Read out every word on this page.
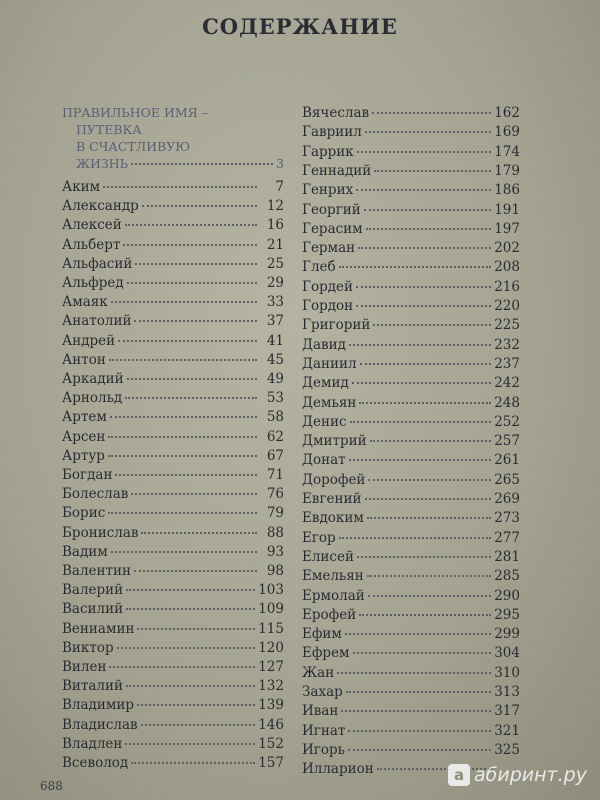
СОДЕРЖАНИЕ
ПРАВИЛЬНОЕ ИМЯ –
ПУТЕВКА
В СЧАСТЛИВУЮ
ЖИЗНЬ	3
Аким	7
Александр	12
Алексей	16
Альберт	21
Альфасий	25
Альфред	29
Амаяк	33
Анатолий	37
Андрей	41
Антон	45
Аркадий	49
Арнольд	53
Артем	58
Арсен	62
Артур	67
Богдан	71
Болеслав	76
Борис	79
Бронислав	88
Вадим	93
Валентин	98
Валерий	103
Василий	109
Вениамин	115
Виктор	120
Вилен	127
Виталий	132
Владимир	139
Владислав	146
Владлен	152
Всеволод	157
Вячеслав	162
Гавриил	169
Гаррик	174
Геннадий	179
Генрих	186
Георгий	191
Герасим	197
Герман	202
Глеб	208
Гордей	216
Гордон	220
Григорий	225
Давид	232
Даниил	237
Демид	242
Демьян	248
Денис	252
Дмитрий	257
Донат	261
Дорофей	265
Евгений	269
Евдоким	273
Егор	277
Елисей	281
Емельян	285
Ермолай	290
Ерофей	295
Ефим	299
Ефрем	304
Жан	310
Захар	313
Иван	317
Игнат	321
Игорь	325
Илларион
688
а абиринт.ру
